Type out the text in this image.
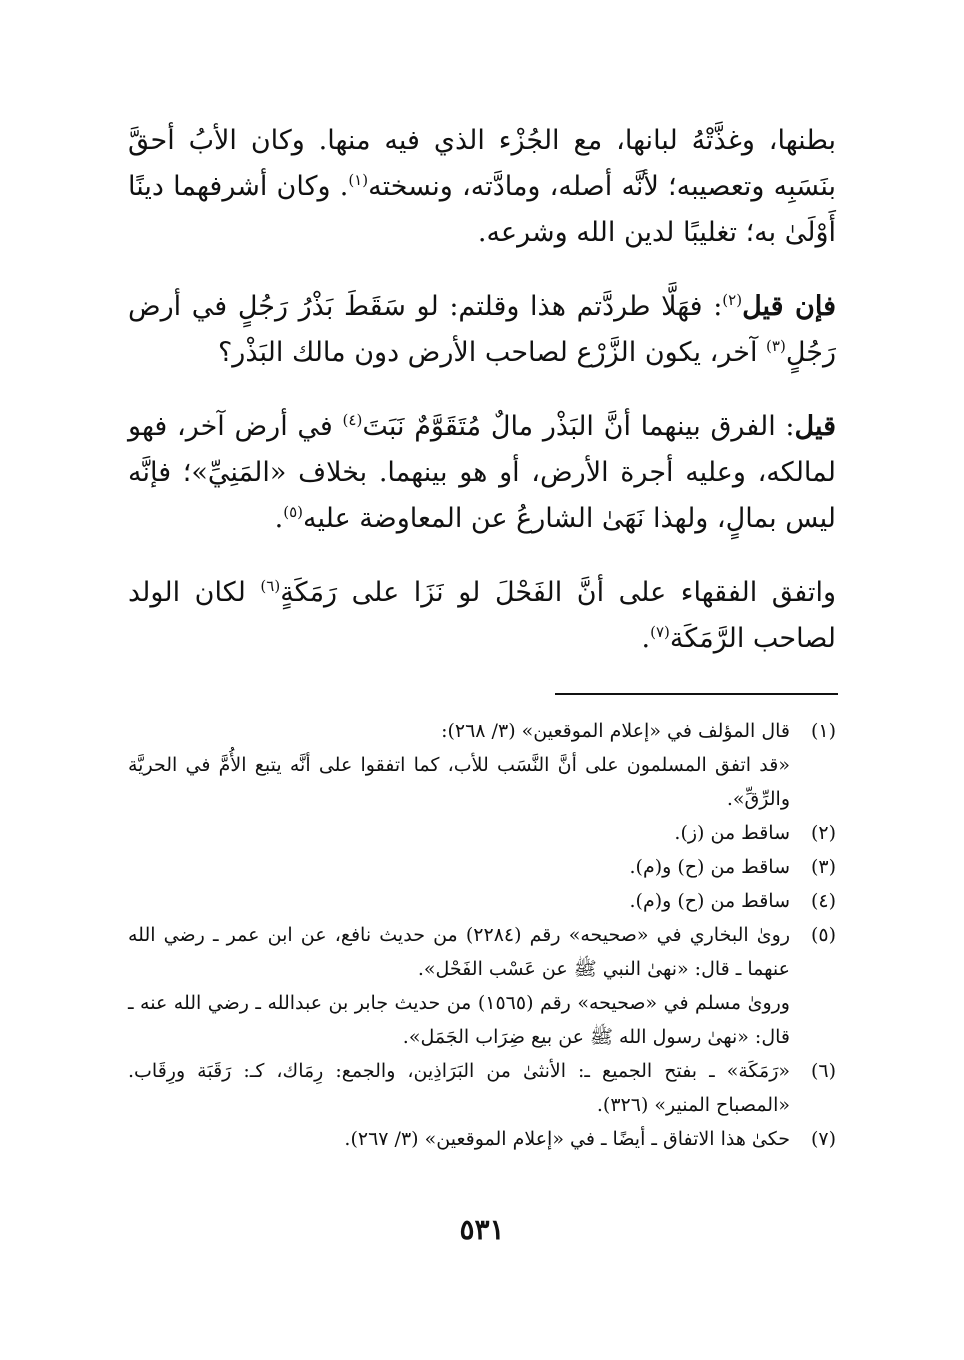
بطنها، وغذَّتْهُ لبانها، مع الجُزْء الذي فيه منها. وكان الأبُ أحقَّ بنَسَبِه وتعصيبه؛ لأنَّه أصله، ومادَّته، ونسخته$^{(١)}$. وكان أشرفهما دينًا أَوْلَىٰ به؛ تغليبًا لدين الله وشرعه.

فإن قيل$^{(٢)}$: فهَلَّا طردَّتم هذا وقلتم: لو سَقَطَ بَذْرُ رَجُلٍ في أرض رَجُلٍ$^{(٣)}$ آخر، يكون الزَّرْع لصاحب الأرض دون مالك البَذْر؟

قيل: الفرق بينهما أنَّ البَذْر مالٌ مُتَقَوَّمٌ نَبَتَ$^{(٤)}$ في أرض آخر، فهو لمالكه، وعليه أجرة الأرض، أو هو بينهما. بخلاف «المَنِيِّ»؛ فإنَّه ليس بمالٍ، ولهذا نَهَىٰ الشارعُ عن المعاوضة عليه$^{(٥)}$.

واتفق الفقهاء على أنَّ الفَحْلَ لو نَزَا على رَمَكَةٍ$^{(٦)}$ لكان الولد لصاحب الرَّمَكَة$^{(٧)}$.

(١)
قال المؤلف في «إعلام الموقعين» (٣/ ٢٦٨):
«قد اتفق المسلمون على أنَّ النَّسَب للأب، كما اتفقوا على أنَّه يتبع الأُمَّ في الحريَّة والرِّقِّ».
(٢)
ساقط من (ز).
(٣)
ساقط من (ح) و(م).
(٤)
ساقط من (ح) و(م).
(٥)
روىٰ البخاري في «صحيحه» رقم (٢٢٨٤) من حديث نافع، عن ابن عمر ـ رضي الله عنهما ـ قال: «نهىٰ النبي ﷺ عن عَسْب الفَحْل».
وروىٰ مسلم في «صحيحه» رقم (١٥٦٥) من حديث جابر بن عبدالله ـ رضي الله عنه ـ قال: «نهىٰ رسول الله ﷺ عن بيع ضِرَاب الجَمَل».
(٦)
«رَمَكَة» ـ بفتح الجميع ـ: الأنثىٰ من البَرَاذِين، والجمع: رِمَاك، كـ: رَقَبَة ورِقَاب. «المصباح المنير» (٣٢٦).
(٧)
حكىٰ هذا الاتفاق ـ أيضًا ـ في «إعلام الموقعين» (٣/ ٢٦٧).
٥٣١
